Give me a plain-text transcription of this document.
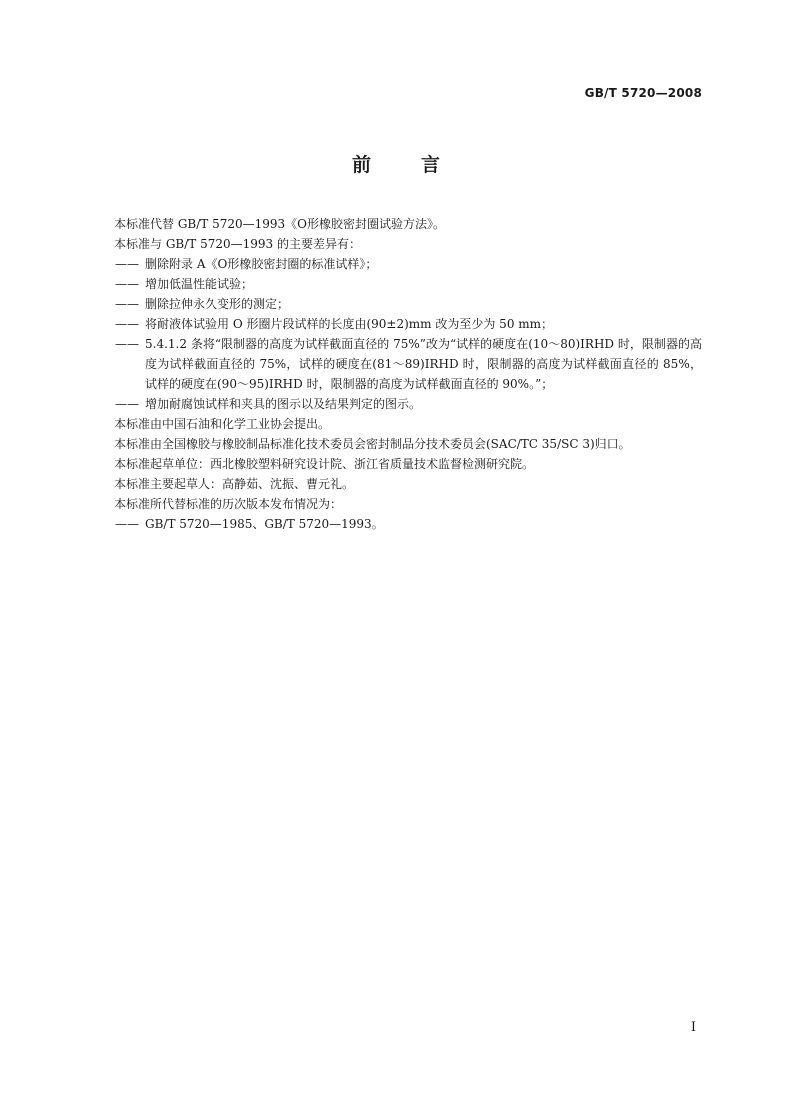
GB/T 5720—2008
前	言

本标准代替 GB/T 5720—1993《O形橡胶密封圈试验方法》。

本标准与 GB/T 5720—1993 的主要差异有：

—— 删除附录 A《O形橡胶密封圈的标准试样》；

—— 增加低温性能试验；

—— 删除拉伸永久变形的测定；

—— 将耐液体试验用 O 形圈片段试样的长度由(90±2)mm 改为至少为 50 mm；

—— 5.4.1.2 条将“限制器的高度为试样截面直径的 75%”改为“试样的硬度在(10～80)IRHD 时，限制器的高度为试样截面直径的 75%，试样的硬度在(81～89)IRHD 时，限制器的高度为试样截面直径的 85%，试样的硬度在(90～95)IRHD 时，限制器的高度为试样截面直径的 90%。”；

—— 增加耐腐蚀试样和夹具的图示以及结果判定的图示。

本标准由中国石油和化学工业协会提出。

本标准由全国橡胶与橡胶制品标准化技术委员会密封制品分技术委员会(SAC/TC 35/SC 3)归口。

本标准起草单位：西北橡胶塑料研究设计院、浙江省质量技术监督检测研究院。

本标准主要起草人：高静茹、沈振、曹元礼。

本标准所代替标准的历次版本发布情况为：

—— GB/T 5720—1985、GB/T 5720—1993。

I
